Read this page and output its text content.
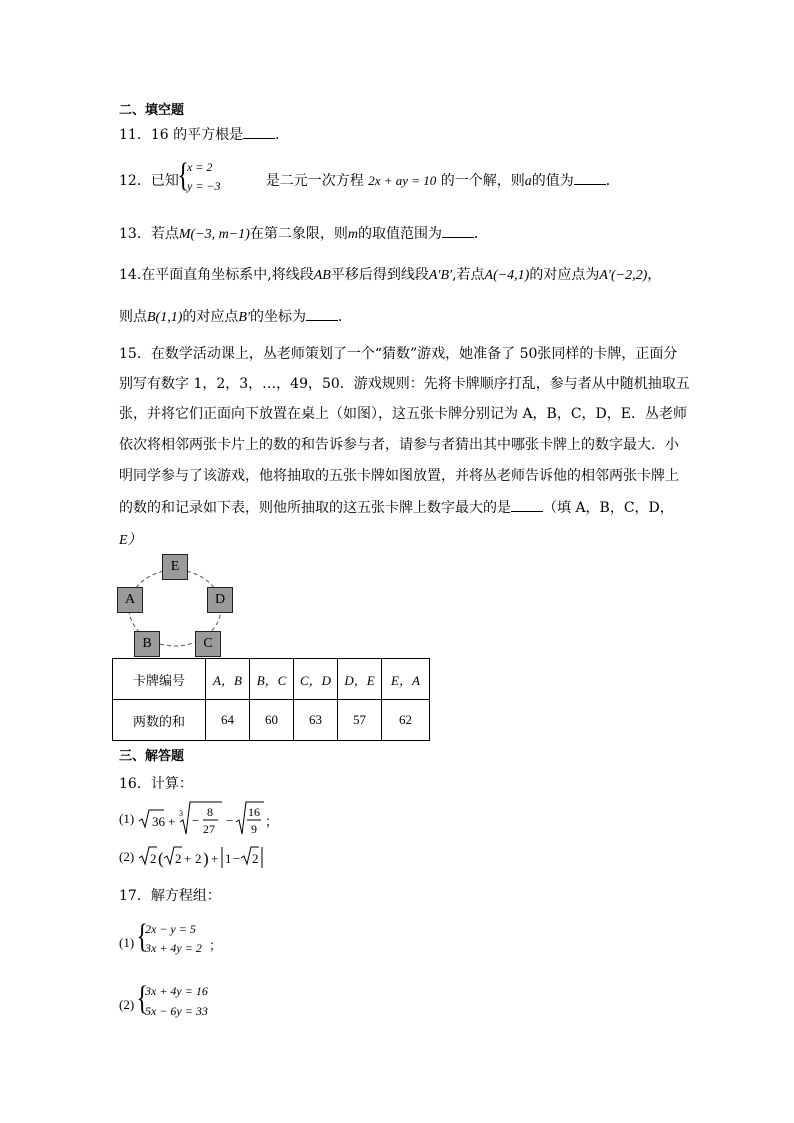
二、填空题
11．16 的平方根是 ．
12．已知	是二元一次方程 2x + ay = 10 的一个解，则a的值为 ．
{
x = 2
y = −3
13．若点M(−3, m−1)在第二象限，则m的取值范围为 ．
14.在平面直角坐标系中,将线段AB平移后得到线段A′B′,若点A(−4,1)的对应点为A′(−2,2)，
则点B(1,1)的对应点B′的坐标为 ．
15．在数学活动课上，丛老师策划了一个“猜数”游戏，她准备了 50张同样的卡牌，正面分
别写有数字 1，2，3，…，49，50．游戏规则：先将卡牌顺序打乱，参与者从中随机抽取五
张，并将它们正面向下放置在桌上（如图），这五张卡牌分别记为 A，B，C，D，E．丛老师
依次将相邻两张卡片上的数的和告诉参与者，请参与者猜出其中哪张卡牌上的数字最大．小
明同学参与了该游戏，他将抽取的五张卡牌如图放置，并将丛老师告诉他的相邻两张卡牌上
的数的和记录如下表，则他所抽取的这五张卡牌上数字最大的是 （填 A，B，C，D，
E）
E
A	D
B	C
卡牌编号	A，B	B，C	C，D	D，E	E，A
两数的和	64	60	63	57	62
三、解答题
16．计算：
(1) 36 +
3 −
8
27
−
16
9 ；
(2) 2 ( 2 + 2 ) + 1 − 2
17．解方程组：
(1) {
2x − y = 5
3x + 4y = 2 ；
(2) {
3x + 4y = 16
5x − 6y = 33
